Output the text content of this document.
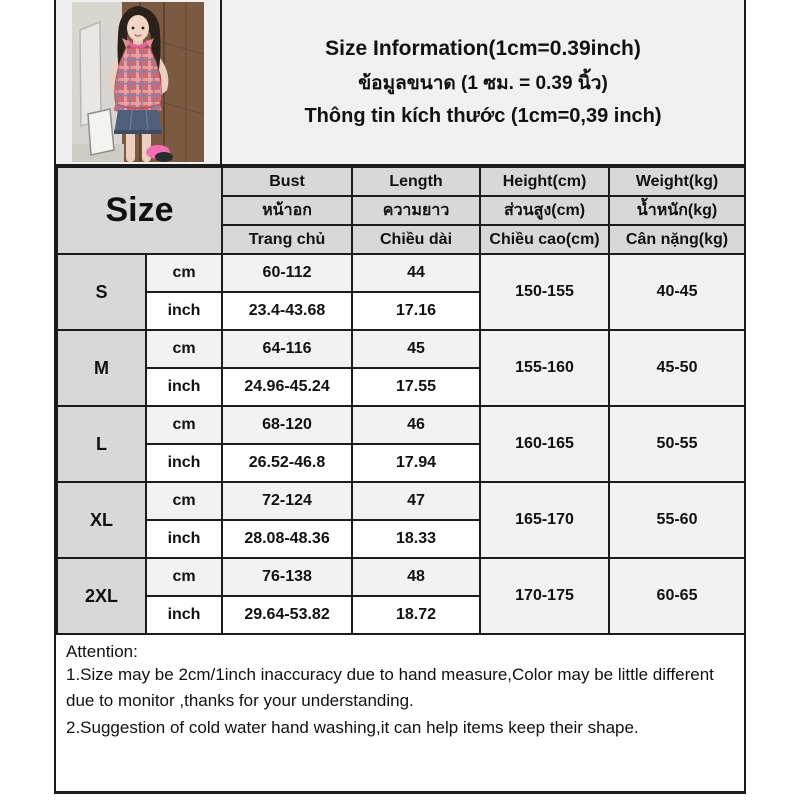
Size Information(1cm=0.39inch)
ข้อมูลขนาด (1 ซม. = 0.39 นิ้ว)
Thông tin kích thước (1cm=0,39 inch)
Size		Bust	Length	Height(cm)	Weight(kg)
		หน้าอก	ความยาว	ส่วนสูง(cm)	น้ำหนัก(kg)
		Trang chủ	Chiều dài	Chiều cao(cm)	Cân nặng(kg)
S	cm	60-112	44	150-155	40-45
	inch	23.4-43.68	17.16		
M	cm	64-116	45	155-160	45-50
	inch	24.96-45.24	17.55		
L	cm	68-120	46	160-165	50-55
	inch	26.52-46.8	17.94		
XL	cm	72-124	47	165-170	55-60
	inch	28.08-48.36	18.33		
2XL	cm	76-138	48	170-175	60-65
	inch	29.64-53.82	18.72		
Attention:
1.Size may be 2cm/1inch inaccuracy due to hand measure,Color may be little different due to monitor ,thanks for your understanding.
2.Suggestion of cold water hand washing,it can help items keep their shape.
